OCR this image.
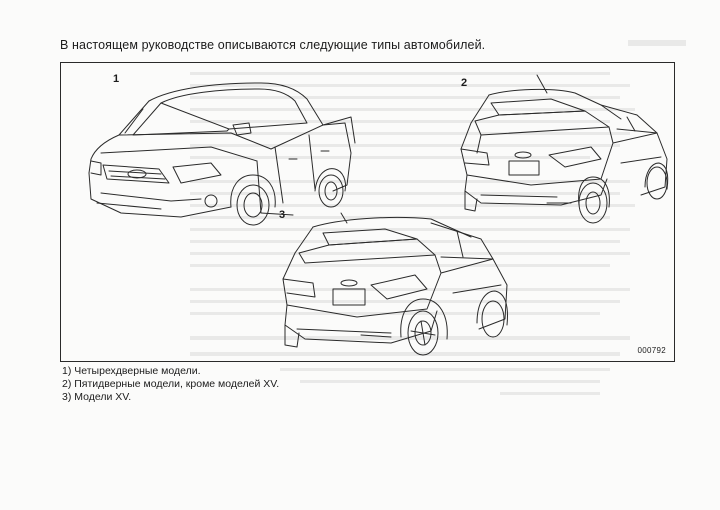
В настоящем руководстве описываются следующие типы автомобилей.
1	2
3
000792
1) Четырехдверные модели.
2) Пятидверные модели, кроме моделей XV.
3) Модели XV.
